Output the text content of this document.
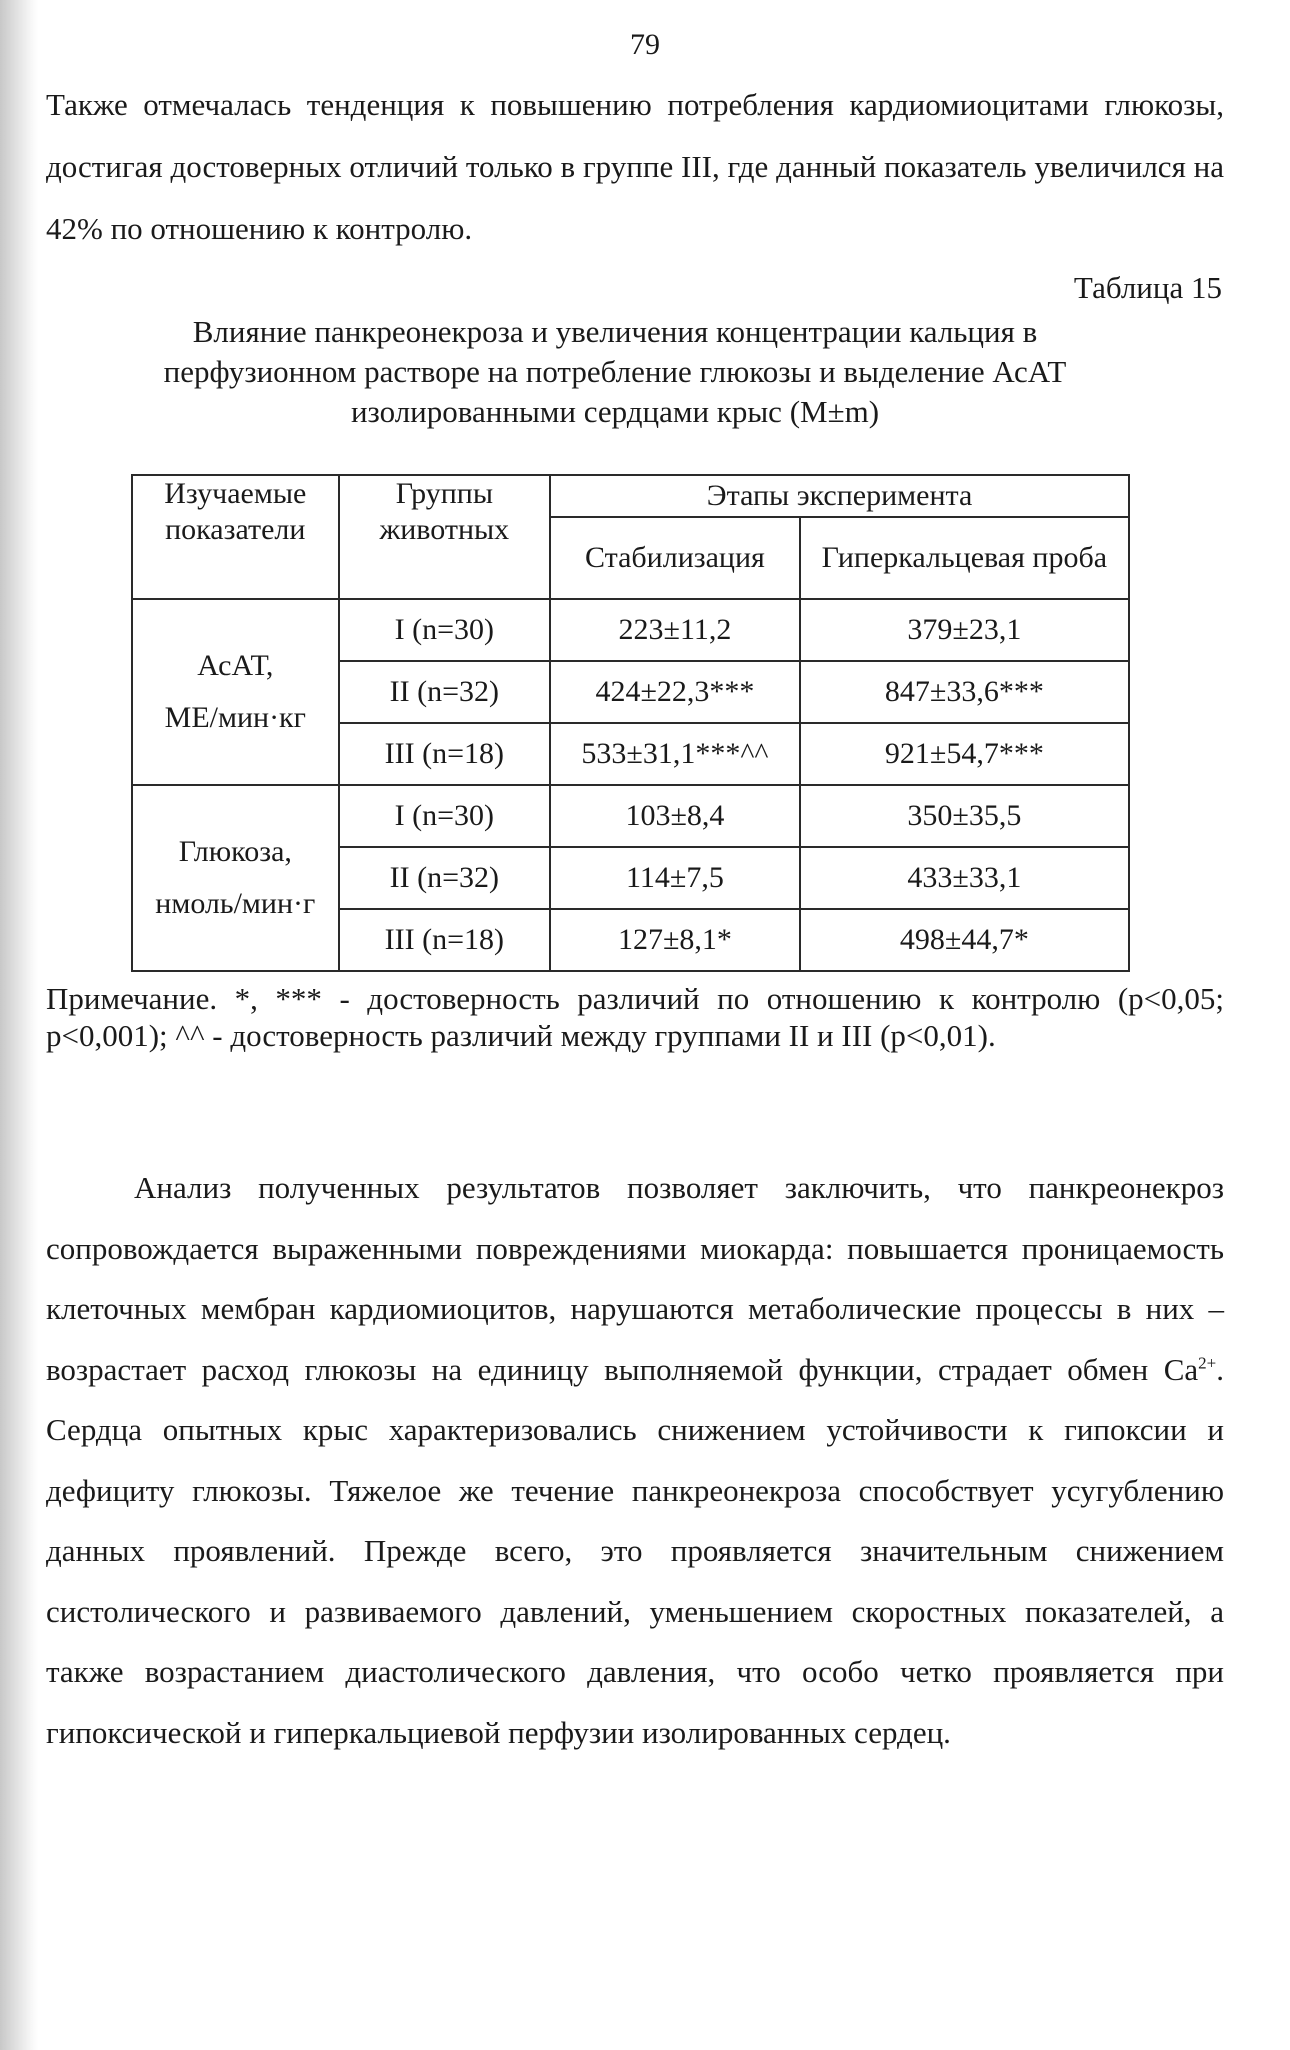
79

Также отмечалась тенденция к повышению потребления кардиомиоцитами глюкозы, достигая достоверных отличий только в группе III, где данный показатель увеличился на 42% по отношению к контролю.

Таблица 15
Влияние панкреонекроза и увеличения концентрации кальция в перфузионном растворе на потребление глюкозы и выделение АсАТ изолированными сердцами крыс (M±m)
Изучаемые показатели	Группы животных	Этапы эксперимента	
		Стабилизация	Гиперкальцевая проба
АсАТ,
МЕ/мин·кг	I (n=30)	223±11,2	379±23,1
	II (n=32)	424±22,3***	847±33,6***
	III (n=18)	533±31,1***^^	921±54,7***
Глюкоза,
нмоль/мин·г	I (n=30)	103±8,4	350±35,5
	II (n=32)	114±7,5	433±33,1
	III (n=18)	127±8,1*	498±44,7*

Примечание. *, *** - достоверность различий по отношению к контролю (р<0,05; р<0,001); ^^ - достоверность различий между группами II и III (р<0,01).

Анализ полученных результатов позволяет заключить, что панкреонекроз сопровождается выраженными повреждениями миокарда: повышается проницаемость клеточных мембран кардиомиоцитов, нарушаются метаболические процессы в них – возрастает расход глюкозы на единицу выполняемой функции, страдает обмен $Са^{2+}$. Сердца опытных крыс характеризовались снижением устойчивости к гипоксии и дефициту глюкозы. Тяжелое же течение панкреонекроза способствует усугублению данных проявлений. Прежде всего, это проявляется значительным снижением систолического и развиваемого давлений, уменьшением скоростных показателей, а также возрастанием диастолического давления, что особо четко проявляется при гипоксической и гиперкальциевой перфузии изолированных сердец.
